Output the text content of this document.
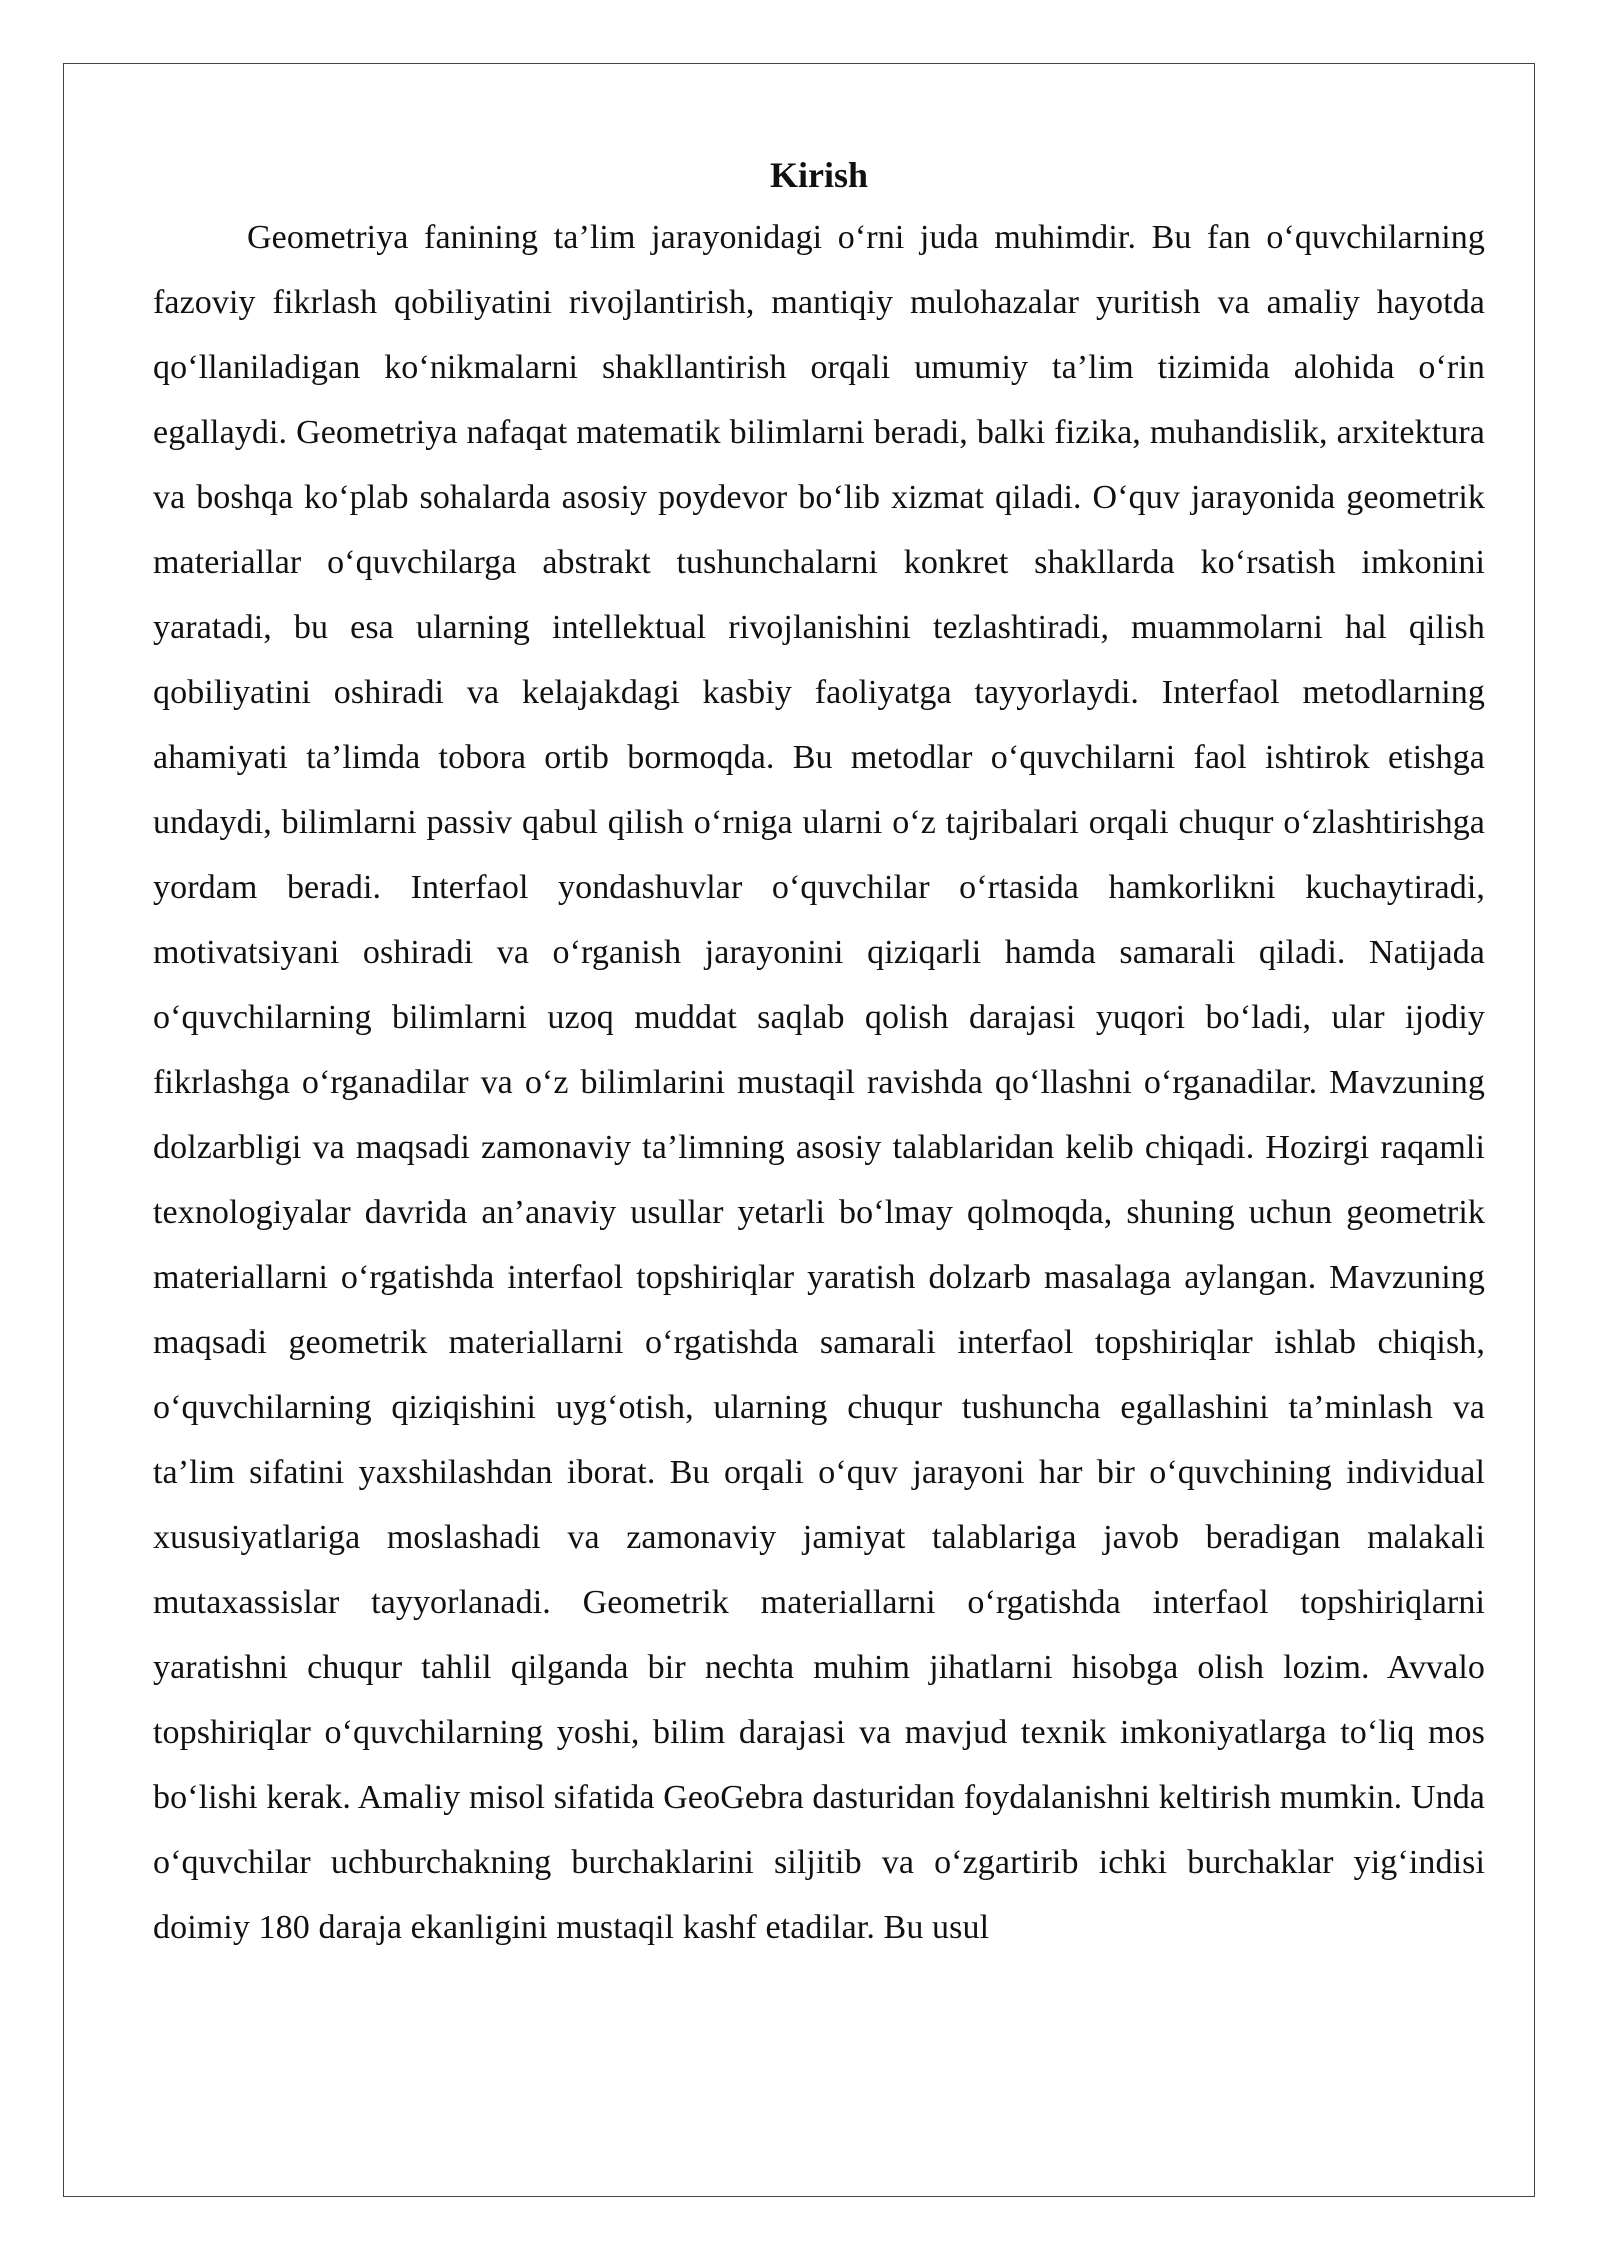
Kirish

Geometriya fanining ta’lim jarayonidagi o‘rni juda muhimdir. Bu fan o‘quvchilarning fazoviy fikrlash qobiliyatini rivojlantirish, mantiqiy mulohazalar yuritish va amaliy hayotda qo‘llaniladigan ko‘nikmalarni shakllantirish orqali umumiy ta’lim tizimida alohida o‘rin egallaydi. Geometriya nafaqat matematik bilimlarni beradi, balki fizika, muhandislik, arxitektura va boshqa ko‘plab sohalarda asosiy poydevor bo‘lib xizmat qiladi. O‘quv jarayonida geometrik materiallar o‘quvchilarga abstrakt tushunchalarni konkret shakllarda ko‘rsatish imkonini yaratadi, bu esa ularning intellektual rivojlanishini tezlashtiradi, muammolarni hal qilish qobiliyatini oshiradi va kelajakdagi kasbiy faoliyatga tayyorlaydi. Interfaol metodlarning ahamiyati ta’limda tobora ortib bormoqda. Bu metodlar o‘quvchilarni faol ishtirok etishga undaydi, bilimlarni passiv qabul qilish o‘rniga ularni o‘z tajribalari orqali chuqur o‘zlashtirishga yordam beradi. Interfaol yondashuvlar o‘quvchilar o‘rtasida hamkorlikni kuchaytiradi, motivatsiyani oshiradi va o‘rganish jarayonini qiziqarli hamda samarali qiladi. Natijada o‘quvchilarning bilimlarni uzoq muddat saqlab qolish darajasi yuqori bo‘ladi, ular ijodiy fikrlashga o‘rganadilar va o‘z bilimlarini mustaqil ravishda qo‘llashni o‘rganadilar. Mavzuning dolzarbligi va maqsadi zamonaviy ta’limning asosiy talablaridan kelib chiqadi. Hozirgi raqamli texnologiyalar davrida an’anaviy usullar yetarli bo‘lmay qolmoqda, shuning uchun geometrik materiallarni o‘rgatishda interfaol topshiriqlar yaratish dolzarb masalaga aylangan. Mavzuning maqsadi geometrik materiallarni o‘rgatishda samarali interfaol topshiriqlar ishlab chiqish, o‘quvchilarning qiziqishini uyg‘otish, ularning chuqur tushuncha egallashini ta’minlash va ta’lim sifatini yaxshilashdan iborat. Bu orqali o‘quv jarayoni har bir o‘quvchining individual xususiyatlariga moslashadi va zamonaviy jamiyat talablariga javob beradigan malakali mutaxassislar tayyorlanadi. Geometrik materiallarni o‘rgatishda interfaol topshiriqlarni yaratishni chuqur tahlil qilganda bir nechta muhim jihatlarni hisobga olish lozim. Avvalo topshiriqlar o‘quvchilarning yoshi, bilim darajasi va mavjud texnik imkoniyatlarga to‘liq mos bo‘lishi kerak. Amaliy misol sifatida GeoGebra dasturidan foydalanishni keltirish mumkin. Unda o‘quvchilar uchburchakning burchaklarini siljitib va o‘zgartirib ichki burchaklar yig‘indisi doimiy 180 daraja ekanligini mustaqil kashf etadilar. Bu usul
